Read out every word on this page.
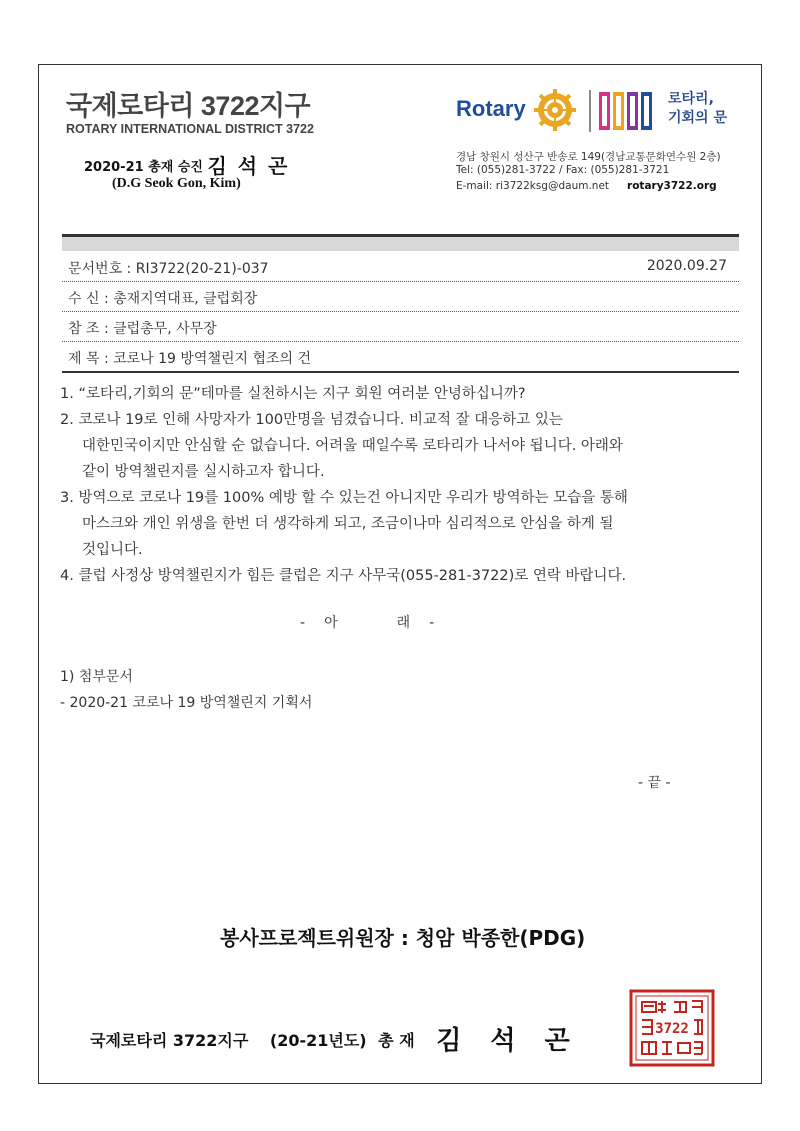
국제로타리 3722지구
ROTARY INTERNATIONAL DISTRICT 3722
2020-21 총재 승진 김 석 곤
(D.G Seok Gon, Kim)
Rotary	로타리,
기회의 문
경남 창원시 성산구 반송로 149(경남교통문화연수원 2층)
Tel: (055)281-3722 / Fax: (055)281-3721
E-mail: ri3722ksg@daum.net rotary3722.org
문서번호 : RI3722(20-21)-037	2020.09.27
수 신 : 총재지역대표, 클럽회장
참 조 : 클럽총무, 사무장
제 목 : 코로나 19 방역챌린지 협조의 건
1. “로타리,기회의 문”테마를 실천하시는 지구 회원 여러분 안녕하십니까?
2. 코로나 19로 인해 사망자가 100만명을 넘겼습니다. 비교적 잘 대응하고 있는
대한민국이지만 안심할 순 없습니다. 어려울 때일수록 로타리가 나서야 됩니다. 아래와
같이 방역챌린지를 실시하고자 합니다.
3. 방역으로 코로나 19를 100% 예방 할 수 있는건 아니지만 우리가 방역하는 모습을 통해
마스크와 개인 위생을 한번 더 생각하게 되고, 조금이나마 심리적으로 안심을 하게 될
것입니다.
4. 클럽 사정상 방역챌린지가 힘든 클럽은 지구 사무국(055-281-3722)로 연락 바랍니다.
- 아	래 -
1) 첨부문서
- 2020-21 코로나 19 방역챌린지 기획서
- 끝 -
봉사프로젝트위원장 : 청암 박종한(PDG)
국제로타리 3722지구 (20-21년도) 총 재 김 석 곤	3722
